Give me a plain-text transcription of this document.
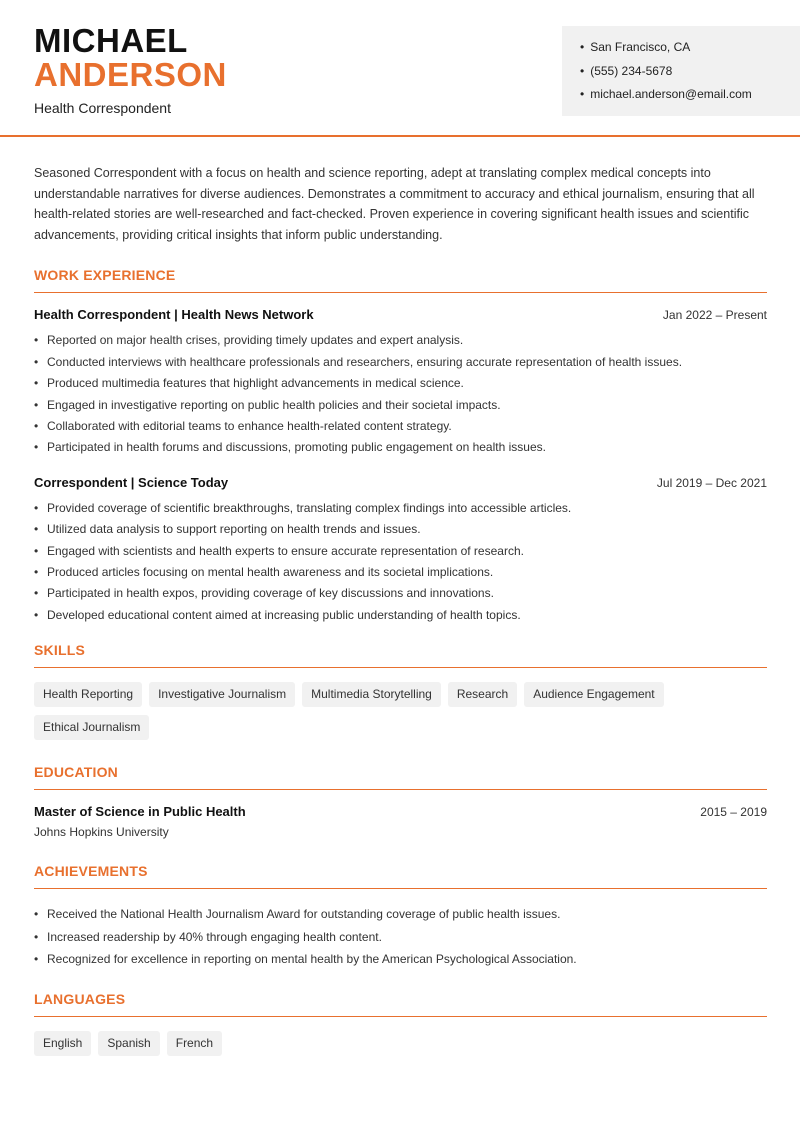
MICHAEL
ANDERSON
Health Correspondent
• San Francisco, CA
• (555) 234-5678
• michael.anderson@email.com

Seasoned Correspondent with a focus on health and science reporting, adept at translating complex medical concepts into understandable narratives for diverse audiences. Demonstrates a commitment to accuracy and ethical journalism, ensuring that all health-related stories are well-researched and fact-checked. Proven experience in covering significant health issues and scientific advancements, providing critical insights that inform public understanding.

WORK EXPERIENCE
Health Correspondent | Health News Network	Jan 2022 – Present
• Reported on major health crises, providing timely updates and expert analysis.
• Conducted interviews with healthcare professionals and researchers, ensuring accurate representation of health issues.
• Produced multimedia features that highlight advancements in medical science.
• Engaged in investigative reporting on public health policies and their societal impacts.
• Collaborated with editorial teams to enhance health-related content strategy.
• Participated in health forums and discussions, promoting public engagement on health issues.
Correspondent | Science Today	Jul 2019 – Dec 2021
• Provided coverage of scientific breakthroughs, translating complex findings into accessible articles.
• Utilized data analysis to support reporting on health trends and issues.
• Engaged with scientists and health experts to ensure accurate representation of research.
• Produced articles focusing on mental health awareness and its societal implications.
• Participated in health expos, providing coverage of key discussions and innovations.
• Developed educational content aimed at increasing public understanding of health topics.
SKILLS
Health Reporting	Investigative Journalism	Multimedia Storytelling	Research	Audience Engagement
Ethical Journalism
EDUCATION
Master of Science in Public Health	2015 – 2019
Johns Hopkins University
ACHIEVEMENTS
• Received the National Health Journalism Award for outstanding coverage of public health issues.
• Increased readership by 40% through engaging health content.
• Recognized for excellence in reporting on mental health by the American Psychological Association.
LANGUAGES
English	Spanish	French
